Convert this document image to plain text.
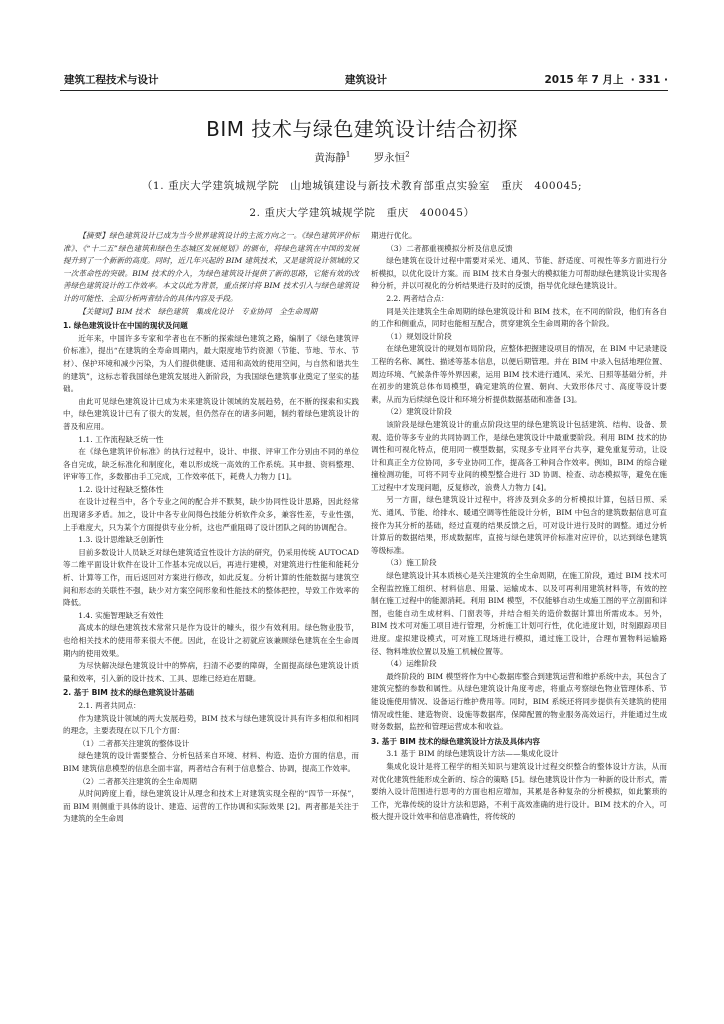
建筑工程技术与设计	建筑设计	2015 年 7 月上 · 331 ·
BIM 技术与绿色建筑设计结合初探
黄海静$^1$ 罗永恒$^2$
（1. 重庆大学建筑城规学院　山地城镇建设与新技术教育部重点实验室　重庆　400045;
2. 重庆大学建筑城规学院　重庆　400045）

【摘要】绿色建筑设计已成为当今世界建筑设计的主流方向之一。《绿色建筑评价标准》、《“十二五”绿色建筑和绿色生态城区发展规划》的颁布，将绿色建筑在中国的发展提升到了一个新新的高度。同时，近几年兴起的 BIM 建筑技术，又是建筑设计领域的又一次革命性的突破。BIM 技术的介入，为绿色建筑设计提供了新的思路，它能有效的改善绿色建筑设计的工作效率。本文以此为背景，重点探讨将 BIM 技术引入与绿色建筑设计的可能性、全面分析两者结合的具体内容及手段。

【关键词】BIM 技术　绿色建筑　集成化设计　专业协同　全生命周期

1. 绿色建筑设计在中国的现状及问题

近年来，中国许多专家和学者也在不断的探索绿色建筑之路，编制了《绿色建筑评价标准》，提出“在建筑的全寿命周期内，最大限度地节约资源（节能、节地、节水、节材）、保护环境和减少污染，为人们提供健康、适用和高效的使用空间，与自然和谐共生的建筑”，这标志着我国绿色建筑发展进入新阶段，为我国绿色建筑事业奠定了坚实的基础。

由此可见绿色建筑设计已成为未来建筑设计领域的发展趋势，在不断的探索和实践中，绿色建筑设计已有了很大的发展，但仍然存在的诸多问题，制约着绿色建筑设计的普及和应用。

1.1. 工作流程缺乏统一性

在《绿色建筑评价标准》的执行过程中，设计、申报、评审工作分别由不同的单位各自完成，缺乏标准化和制度化，难以形成统一高效的工作系统。其申报、资料整理、评审等工作，多数都由手工完成，工作效率低下，耗费人力物力 [1]。

1.2. 设计过程缺乏整体性

在设计过程当中，各个专业之间的配合并不默契，缺少协同性设计思路，因此经常出现诸多矛盾。加之，设计中各专业间得色技能分析软件众多，兼容性差，专业性强，上手难度大，只为某个方面提供专业分析，这也严重阻碍了设计团队之间的协调配合。

1.3. 设计思维缺乏创新性

目前多数设计人员缺乏对绿色建筑适宜性设计方法的研究，仍采用传统 AUTOCAD 等二维平面设计软件在设计工作基本完成以后，再进行建模，对建筑进行性能和能耗分析、计算等工作，而后返回对方案进行修改，如此反复。分析计算的性能数据与建筑空间和形态的关联性不强，缺少对方案空间形象和性能技术的整体把控，导致工作效率的降低。

1.4. 实施智理缺乏有效性

高成本的绿色建筑技术常常只是作为设计的噱头，很少有效利用。绿色物业股节，也给相关技术的使用带来很大不便。因此，在设计之初就应该兼顾绿色建筑在全生命周期内的使用效果。

为尽快解决绿色建筑设计中的弊病，扫清不必要的障碍，全面提高绿色建筑设计质量和效率，引入新的设计技术、工具、思维已经迫在眉睫。

2. 基于 BIM 技术的绿色建筑设计基础

2.1. 两者共同点：

作为建筑设计领域的两大发展趋势，BIM 技术与绿色建筑设计具有许多相似和相同的理念，主要表现在以下几个方面：

（1）二者都关注建筑的整体设计

绿色建筑的设计需要整合、分析包括来自环境、材料、构造、造价方面的信息，而 BIM 建筑信息模型的信息全面丰富，两者结合有利于信息整合、协调，提高工作效率。

（2）二者都关注建筑的全生命周期

从时间跨度上看，绿色建筑设计从理念和技术上对建筑实现全程的“四节一环保”，而 BIM 则侧重于具体的设计、建造、运营的工作协调和实际效果 [2]。两者都是关注于为建筑的全生命周

期进行优化。

（3）二者都重视模拟分析及信息反馈

绿色建筑在设计过程中需要对采光、通风、节能、舒适度、可视性等多方面进行分析模拟，以优化设计方案。而 BIM 技术自身强大的模拟能力可帮助绿色建筑设计实现各种分析，并以可视化的分析结果进行及时的反馈，指导优化绿色建筑设计。

2.2. 两者结合点：

同是关注建筑全生命周期的绿色建筑设计和 BIM 技术，在不同的阶段，他们有各自的工作和侧重点，同时也能相互配合，贯穿建筑全生命周期的各个阶段。

（1）规划设计阶段

在绿色建筑设计的规划布局阶段，应整体把握建设项目的情况，在 BIM 中记录建设工程的名称、属性、描述等基本信息，以便后期管理。并在 BIM 中录入包括地理位置、周边环境、气候条件等外界因素，运用 BIM 技术进行通风、采光、日照等基础分析，并在初步的建筑总体布局模型，确定建筑的位置、朝向、大致形体尺寸、高度等设计要素，从而为后续绿色设计和环境分析提供数据基础和准备 [3]。

（2）建筑设计阶段

该阶段是绿色建筑设计的重点阶段这里的绿色建筑设计包括建筑、结构、设备、景观、造价等多专业的共同协调工作，是绿色建筑设计中最重要阶段。利用 BIM 技术的协调性和可视化特点，使用同一模型数据，实现多专业同平台共享，避免重复劳动，让设计和真正全方位协同，多专业协同工作，提高各工种间合作效率。例如，BIM 的综合碰撞检测功能，可将不同专业间的模型整合进行 3D 协调、检查、动态模拟等，避免在施工过程中才发现问题，反复修改，浪费人力物力 [4]。

另一方面，绿色建筑设计过程中，将涉及到众多的分析模拟计算，包括日照、采光、通风、节能、给排水、暖通空调等性能设计分析，BIM 中包含的建筑数据信息可直接作为其分析的基础，经过直观的结果反馈之后，可对设计进行及时的调整。通过分析计算后的数据结果，形成数据库，直接与绿色建筑评价标准对应评价，以达到绿色建筑等级标准。

（3）施工阶段

绿色建筑设计其本质核心是关注建筑的全生命周期，在施工阶段，通过 BIM 技术可全程监控施工组织、材料信息、用量、运输成本、以及可再利用建筑材料等，有效的控制在施工过程中的能源消耗。利用 BIM 模型，不仅能够自动生成施工图的平立剖面和详图，也能自动生成材料、门窗表等，并结合相关的造价数据计算出所需成本。另外，BIM 技术可对施工项目进行管理，分析施工计划可行性，优化进度计划，时刻跟踪项目进度。虚拟建设模式，可对施工现场进行模拟，通过施工设计，合理布置物料运输路径、物料堆放位置以及施工机械位置等。

（4）运维阶段

最终阶段的 BIM 模型将作为中心数据库整合到建筑运营和维护系统中去，其包含了建筑完整的参数和属性。从绿色建筑设计角度考虑，将重点考察绿色物业管理体系、节能设施使用情况、设备运行维护费用等。同时，BIM 系统还将同步提供有关建筑的使用情况或性能、建造物资、设施等数据库，保障配置的物业服务高效运行，并能通过生成财务数据，监控和管理运营成本和收益。

3. 基于 BIM 技术的绿色建筑设计方法及具体内容

3.1 基于 BIM 的绿色建筑设计方法——集成化设计

集成化设计是将工程学的相关知识与建筑设计过程交织整合的整体设计方法，从而对优化建筑性能形成全新的、综合的策略 [5]。绿色建筑设计作为一种新的设计形式，需要纳入设计范围进行思考的方面也相应增加，其累是各种复杂的分析模拟，如此繁琐的工作，光靠传统的设计方法和思路，不利于高效准确的进行设计。BIM 技术的介入，可极大提升设计效率和信息准确性，将传统的
